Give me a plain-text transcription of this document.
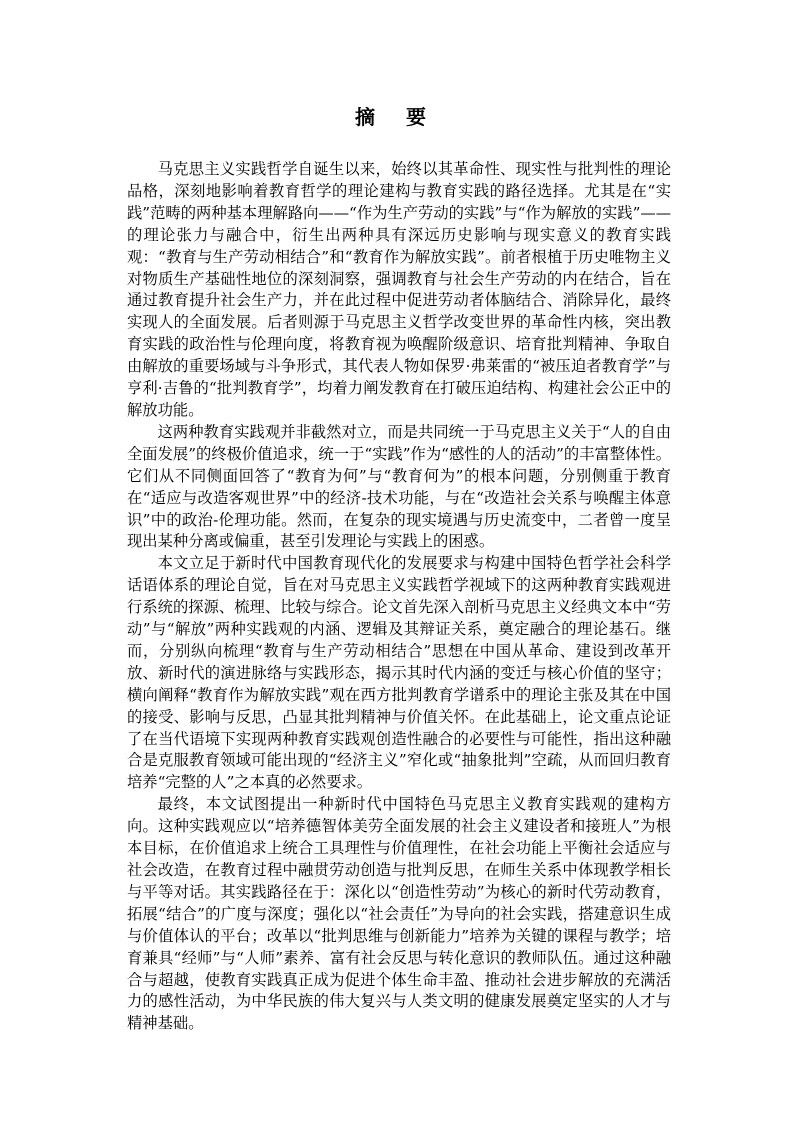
摘 要

马克思主义实践哲学自诞生以来，始终以其革命性、现实性与批判性的理论品格，深刻地影响着教育哲学的理论建构与教育实践的路径选择。尤其是在“实践”范畴的两种基本理解路向——“作为生产劳动的实践”与“作为解放的实践”——的理论张力与融合中，衍生出两种具有深远历史影响与现实意义的教育实践观：“教育与生产劳动相结合”和“教育作为解放实践”。前者根植于历史唯物主义对物质生产基础性地位的深刻洞察，强调教育与社会生产劳动的内在结合，旨在通过教育提升社会生产力，并在此过程中促进劳动者体脑结合、消除异化，最终实现人的全面发展。后者则源于马克思主义哲学改变世界的革命性内核，突出教育实践的政治性与伦理向度，将教育视为唤醒阶级意识、培育批判精神、争取自由解放的重要场域与斗争形式，其代表人物如保罗·弗莱雷的“被压迫者教育学”与亨利·吉鲁的“批判教育学”，均着力阐发教育在打破压迫结构、构建社会公正中的解放功能。

这两种教育实践观并非截然对立，而是共同统一于马克思主义关于“人的自由全面发展”的终极价值追求，统一于“实践”作为“感性的人的活动”的丰富整体性。它们从不同侧面回答了“教育为何”与“教育何为”的根本问题，分别侧重于教育在“适应与改造客观世界”中的经济-技术功能，与在“改造社会关系与唤醒主体意识”中的政治-伦理功能。然而，在复杂的现实境遇与历史流变中，二者曾一度呈现出某种分离或偏重，甚至引发理论与实践上的困惑。

本文立足于新时代中国教育现代化的发展要求与构建中国特色哲学社会科学话语体系的理论自觉，旨在对马克思主义实践哲学视域下的这两种教育实践观进行系统的探源、梳理、比较与综合。论文首先深入剖析马克思主义经典文本中“劳动”与“解放”两种实践观的内涵、逻辑及其辩证关系，奠定融合的理论基石。继而，分别纵向梳理“教育与生产劳动相结合”思想在中国从革命、建设到改革开放、新时代的演进脉络与实践形态，揭示其时代内涵的变迁与核心价值的坚守；横向阐释“教育作为解放实践”观在西方批判教育学谱系中的理论主张及其在中国的接受、影响与反思，凸显其批判精神与价值关怀。在此基础上，论文重点论证了在当代语境下实现两种教育实践观创造性融合的必要性与可能性，指出这种融合是克服教育领域可能出现的“经济主义”窄化或“抽象批判”空疏，从而回归教育培养“完整的人”之本真的必然要求。

最终，本文试图提出一种新时代中国特色马克思主义教育实践观的建构方向。这种实践观应以“培养德智体美劳全面发展的社会主义建设者和接班人”为根本目标，在价值追求上统合工具理性与价值理性，在社会功能上平衡社会适应与社会改造，在教育过程中融贯劳动创造与批判反思，在师生关系中体现教学相长与平等对话。其实践路径在于：深化以“创造性劳动”为核心的新时代劳动教育，拓展“结合”的广度与深度；强化以“社会责任”为导向的社会实践，搭建意识生成与价值体认的平台；改革以“批判思维与创新能力”培养为关键的课程与教学；培育兼具“经师”与“人师”素养、富有社会反思与转化意识的教师队伍。通过这种融合与超越，使教育实践真正成为促进个体生命丰盈、推动社会进步解放的充满活力的感性活动，为中华民族的伟大复兴与人类文明的健康发展奠定坚实的人才与精神基础。
